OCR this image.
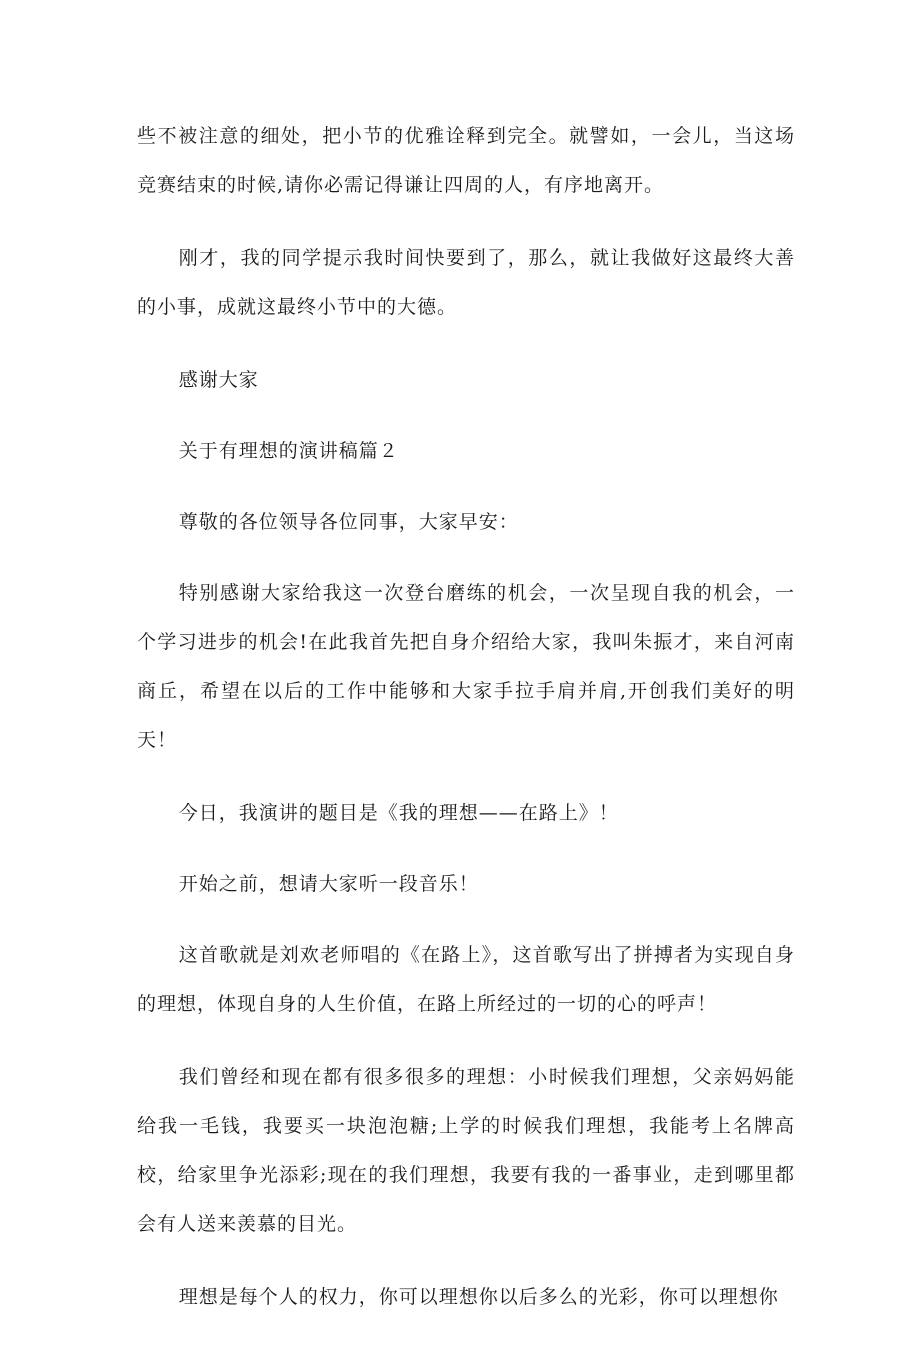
些不被注意的细处，把小节的优雅诠释到完全。就譬如，一会儿，当这场竞赛结束的时候,请你必需记得谦让四周的人，有序地离开。

刚才，我的同学提示我时间快要到了，那么，就让我做好这最终大善的小事，成就这最终小节中的大德。

感谢大家

关于有理想的演讲稿篇２

尊敬的各位领导各位同事，大家早安：

特别感谢大家给我这一次登台磨练的机会，一次呈现自我的机会，一个学习进步的机会!在此我首先把自身介绍给大家，我叫朱振才，来自河南商丘，希望在以后的工作中能够和大家手拉手肩并肩,开创我们美好的明天！

今日，我演讲的题目是《我的理想——在路上》！

开始之前，想请大家听一段音乐！

这首歌就是刘欢老师唱的《在路上》，这首歌写出了拼搏者为实现自身的理想，体现自身的人生价值，在路上所经过的一切的心的呼声！

我们曾经和现在都有很多很多的理想：小时候我们理想，父亲妈妈能给我一毛钱，我要买一块泡泡糖;上学的时候我们理想，我能考上名牌高校，给家里争光添彩;现在的我们理想，我要有我的一番事业，走到哪里都会有人送来羡慕的目光。

理想是每个人的权力，你可以理想你以后多么的光彩，你可以理想你
